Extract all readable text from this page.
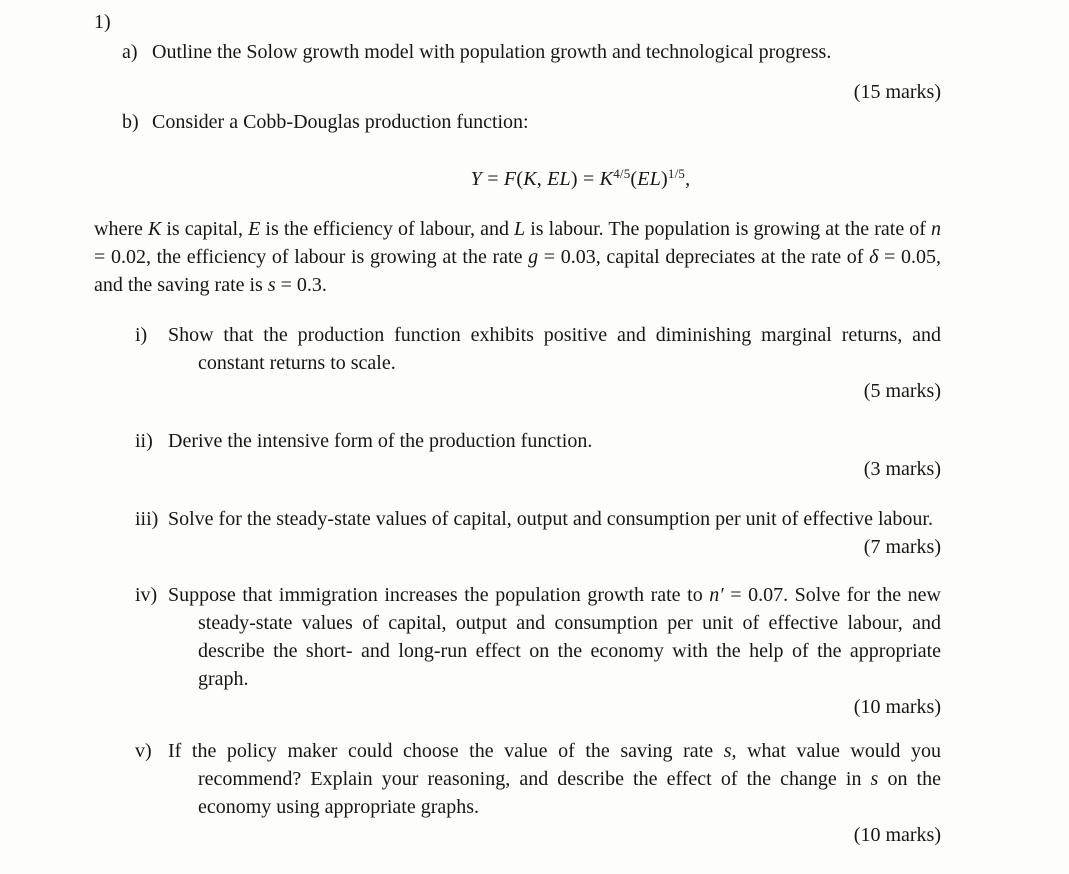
1)

a) Outline the Solow growth model with population growth and technological progress.

(15 marks)

b) Consider a Cobb-Douglas production function:

Y = F(K, $EL) = K^{4/5}(EL)^{1/5}$,

where K is capital, E is the efficiency of labour, and L is labour. The population is growing at the rate of n = 0.02, the efficiency of labour is growing at the rate g = 0.03, capital depreciates at the rate of δ = 0.05, and the saving rate is s = 0.3.

i) Show that the production function exhibits positive and diminishing marginal returns, and constant returns to scale.

(5 marks)

ii) Derive the intensive form of the production function.

(3 marks)

iii) Solve for the steady-state values of capital, output and consumption per unit of effective labour.

(7 marks)

iv) Suppose that immigration increases the population growth rate to n′ = 0.07. Solve for the new steady-state values of capital, output and consumption per unit of effective labour, and describe the short- and long-run effect on the economy with the help of the appropriate graph.

(10 marks)

v) If the policy maker could choose the value of the saving rate s, what value would you recommend? Explain your reasoning, and describe the effect of the change in s on the economy using appropriate graphs.

(10 marks)
